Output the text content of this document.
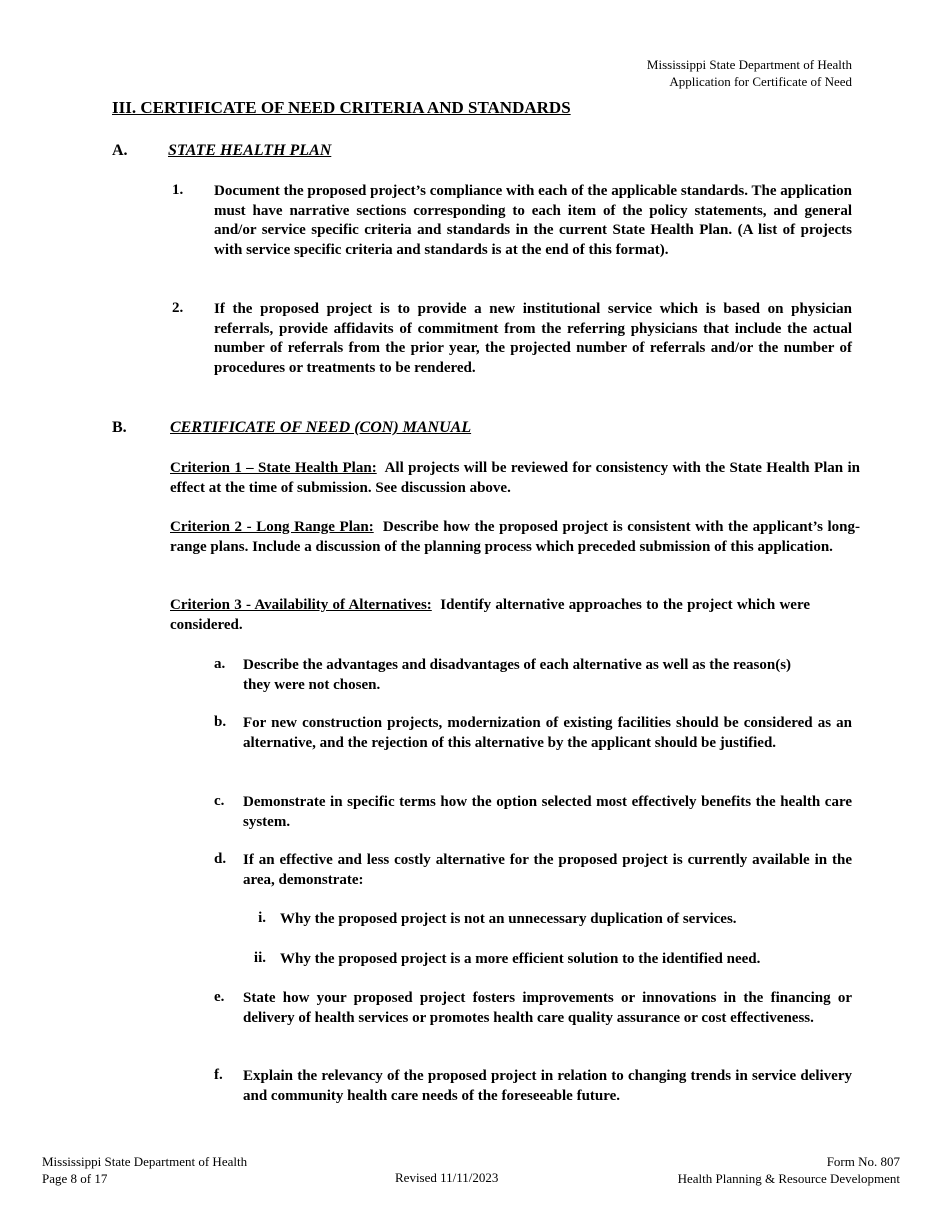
Mississippi State Department of Health
Application for Certificate of Need
III. CERTIFICATE OF NEED CRITERIA AND STANDARDS
A.	STATE HEALTH PLAN
1. Document the proposed project’s compliance with each of the applicable standards. The application must have narrative sections corresponding to each item of the policy statements, and general and/or service specific criteria and standards in the current State Health Plan. (A list of projects with service specific criteria and standards is at the end of this format).
2. If the proposed project is to provide a new institutional service which is based on physician referrals, provide affidavits of commitment from the referring physicians that include the actual number of referrals from the prior year, the projected number of referrals and/or the number of procedures or treatments to be rendered.
B.	CERTIFICATE OF NEED (CON) MANUAL
Criterion 1 – State Health Plan: All projects will be reviewed for consistency with the State Health Plan in effect at the time of submission. See discussion above.
Criterion 2 - Long Range Plan: Describe how the proposed project is consistent with the applicant’s long-range plans. Include a discussion of the planning process which preceded submission of this application.
Criterion 3 - Availability of Alternatives: Identify alternative approaches to the project which were considered.
a. Describe the advantages and disadvantages of each alternative as well as the reason(s) they were not chosen.
b. For new construction projects, modernization of existing facilities should be considered as an alternative, and the rejection of this alternative by the applicant should be justified.
c. Demonstrate in specific terms how the option selected most effectively benefits the health care system.
d. If an effective and less costly alternative for the proposed project is currently available in the area, demonstrate:
i. Why the proposed project is not an unnecessary duplication of services.
ii. Why the proposed project is a more efficient solution to the identified need.
e. State how your proposed project fosters improvements or innovations in the financing or delivery of health services or promotes health care quality assurance or cost effectiveness.
f. Explain the relevancy of the proposed project in relation to changing trends in service delivery and community health care needs of the foreseeable future.
Mississippi State Department of Health
Page 8 of 17	Revised 11/11/2023
Form No. 807
Health Planning & Resource Development
